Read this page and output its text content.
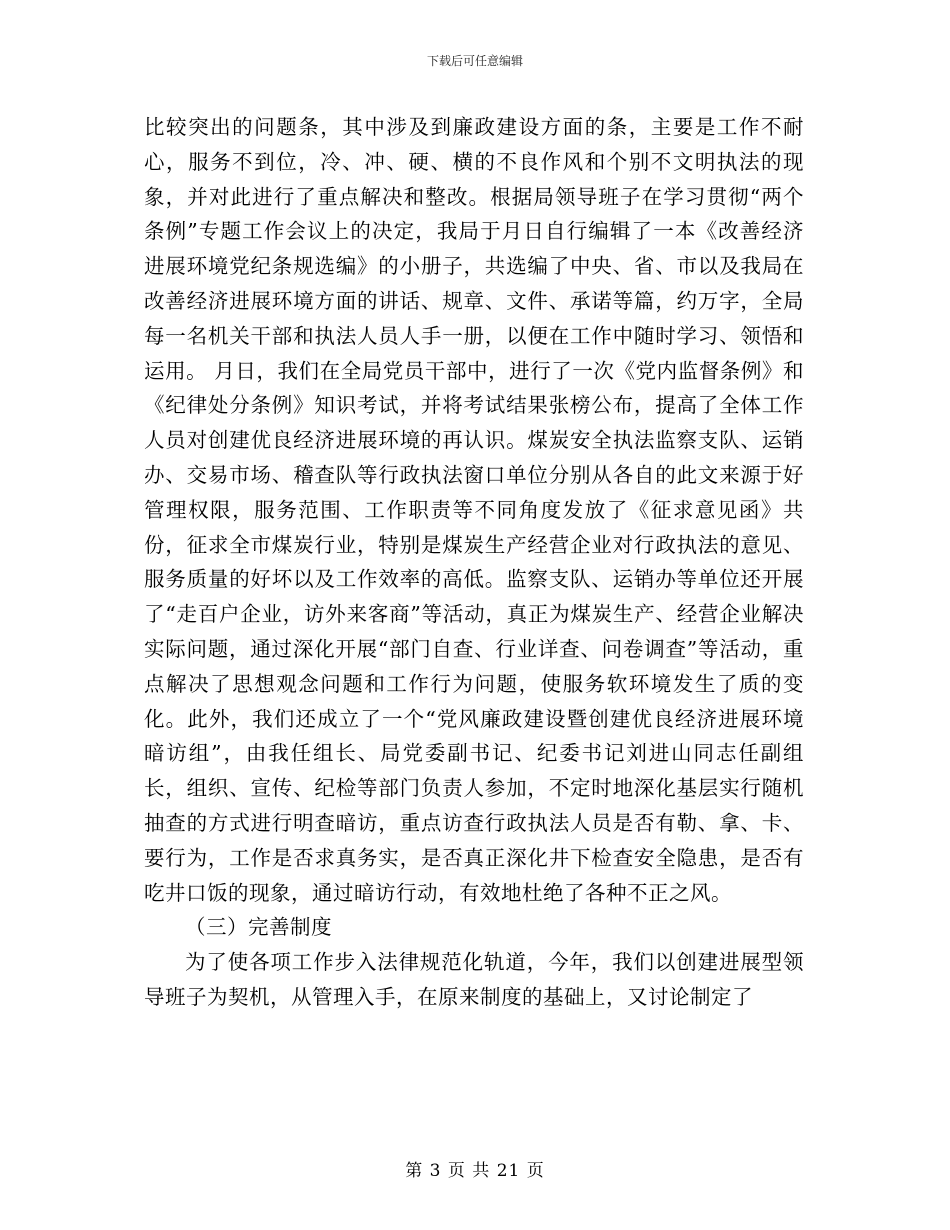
下载后可任意编辑

比较突出的问题条，其中涉及到廉政建设方面的条，主要是工作不耐心，服务不到位，冷、冲、硬、横的不良作风和个别不文明执法的现象，并对此进行了重点解决和整改。根据局领导班子在学习贯彻“两个条例”专题工作会议上的决定，我局于月日自行编辑了一本《改善经济进展环境党纪条规选编》的小册子，共选编了中央、省、市以及我局在改善经济进展环境方面的讲话、规章、文件、承诺等篇，约万字，全局每一名机关干部和执法人员人手一册，以便在工作中随时学习、领悟和运用。 月日，我们在全局党员干部中，进行了一次《党内监督条例》和《纪律处分条例》知识考试，并将考试结果张榜公布，提高了全体工作人员对创建优良经济进展环境的再认识。煤炭安全执法监察支队、运销办、交易市场、稽查队等行政执法窗口单位分别从各自的此文来源于好管理权限，服务范围、工作职责等不同角度发放了《征求意见函》共份，征求全市煤炭行业，特别是煤炭生产经营企业对行政执法的意见、服务质量的好坏以及工作效率的高低。监察支队、运销办等单位还开展了“走百户企业，访外来客商”等活动，真正为煤炭生产、经营企业解决实际问题，通过深化开展“部门自查、行业详查、问卷调查”等活动，重点解决了思想观念问题和工作行为问题，使服务软环境发生了质的变化。此外，我们还成立了一个“党风廉政建设暨创建优良经济进展环境暗访组”，由我任组长、局党委副书记、纪委书记刘进山同志任副组长，组织、宣传、纪检等部门负责人参加，不定时地深化基层实行随机抽查的方式进行明查暗访，重点访查行政执法人员是否有勒、拿、卡、要行为，工作是否求真务实，是否真正深化井下检查安全隐患，是否有吃井口饭的现象，通过暗访行动，有效地杜绝了各种不正之风。

（三）完善制度

为了使各项工作步入法律规范化轨道，今年，我们以创建进展型领导班子为契机，从管理入手，在原来制度的基础上，又讨论制定了

第 3 页 共 21 页
